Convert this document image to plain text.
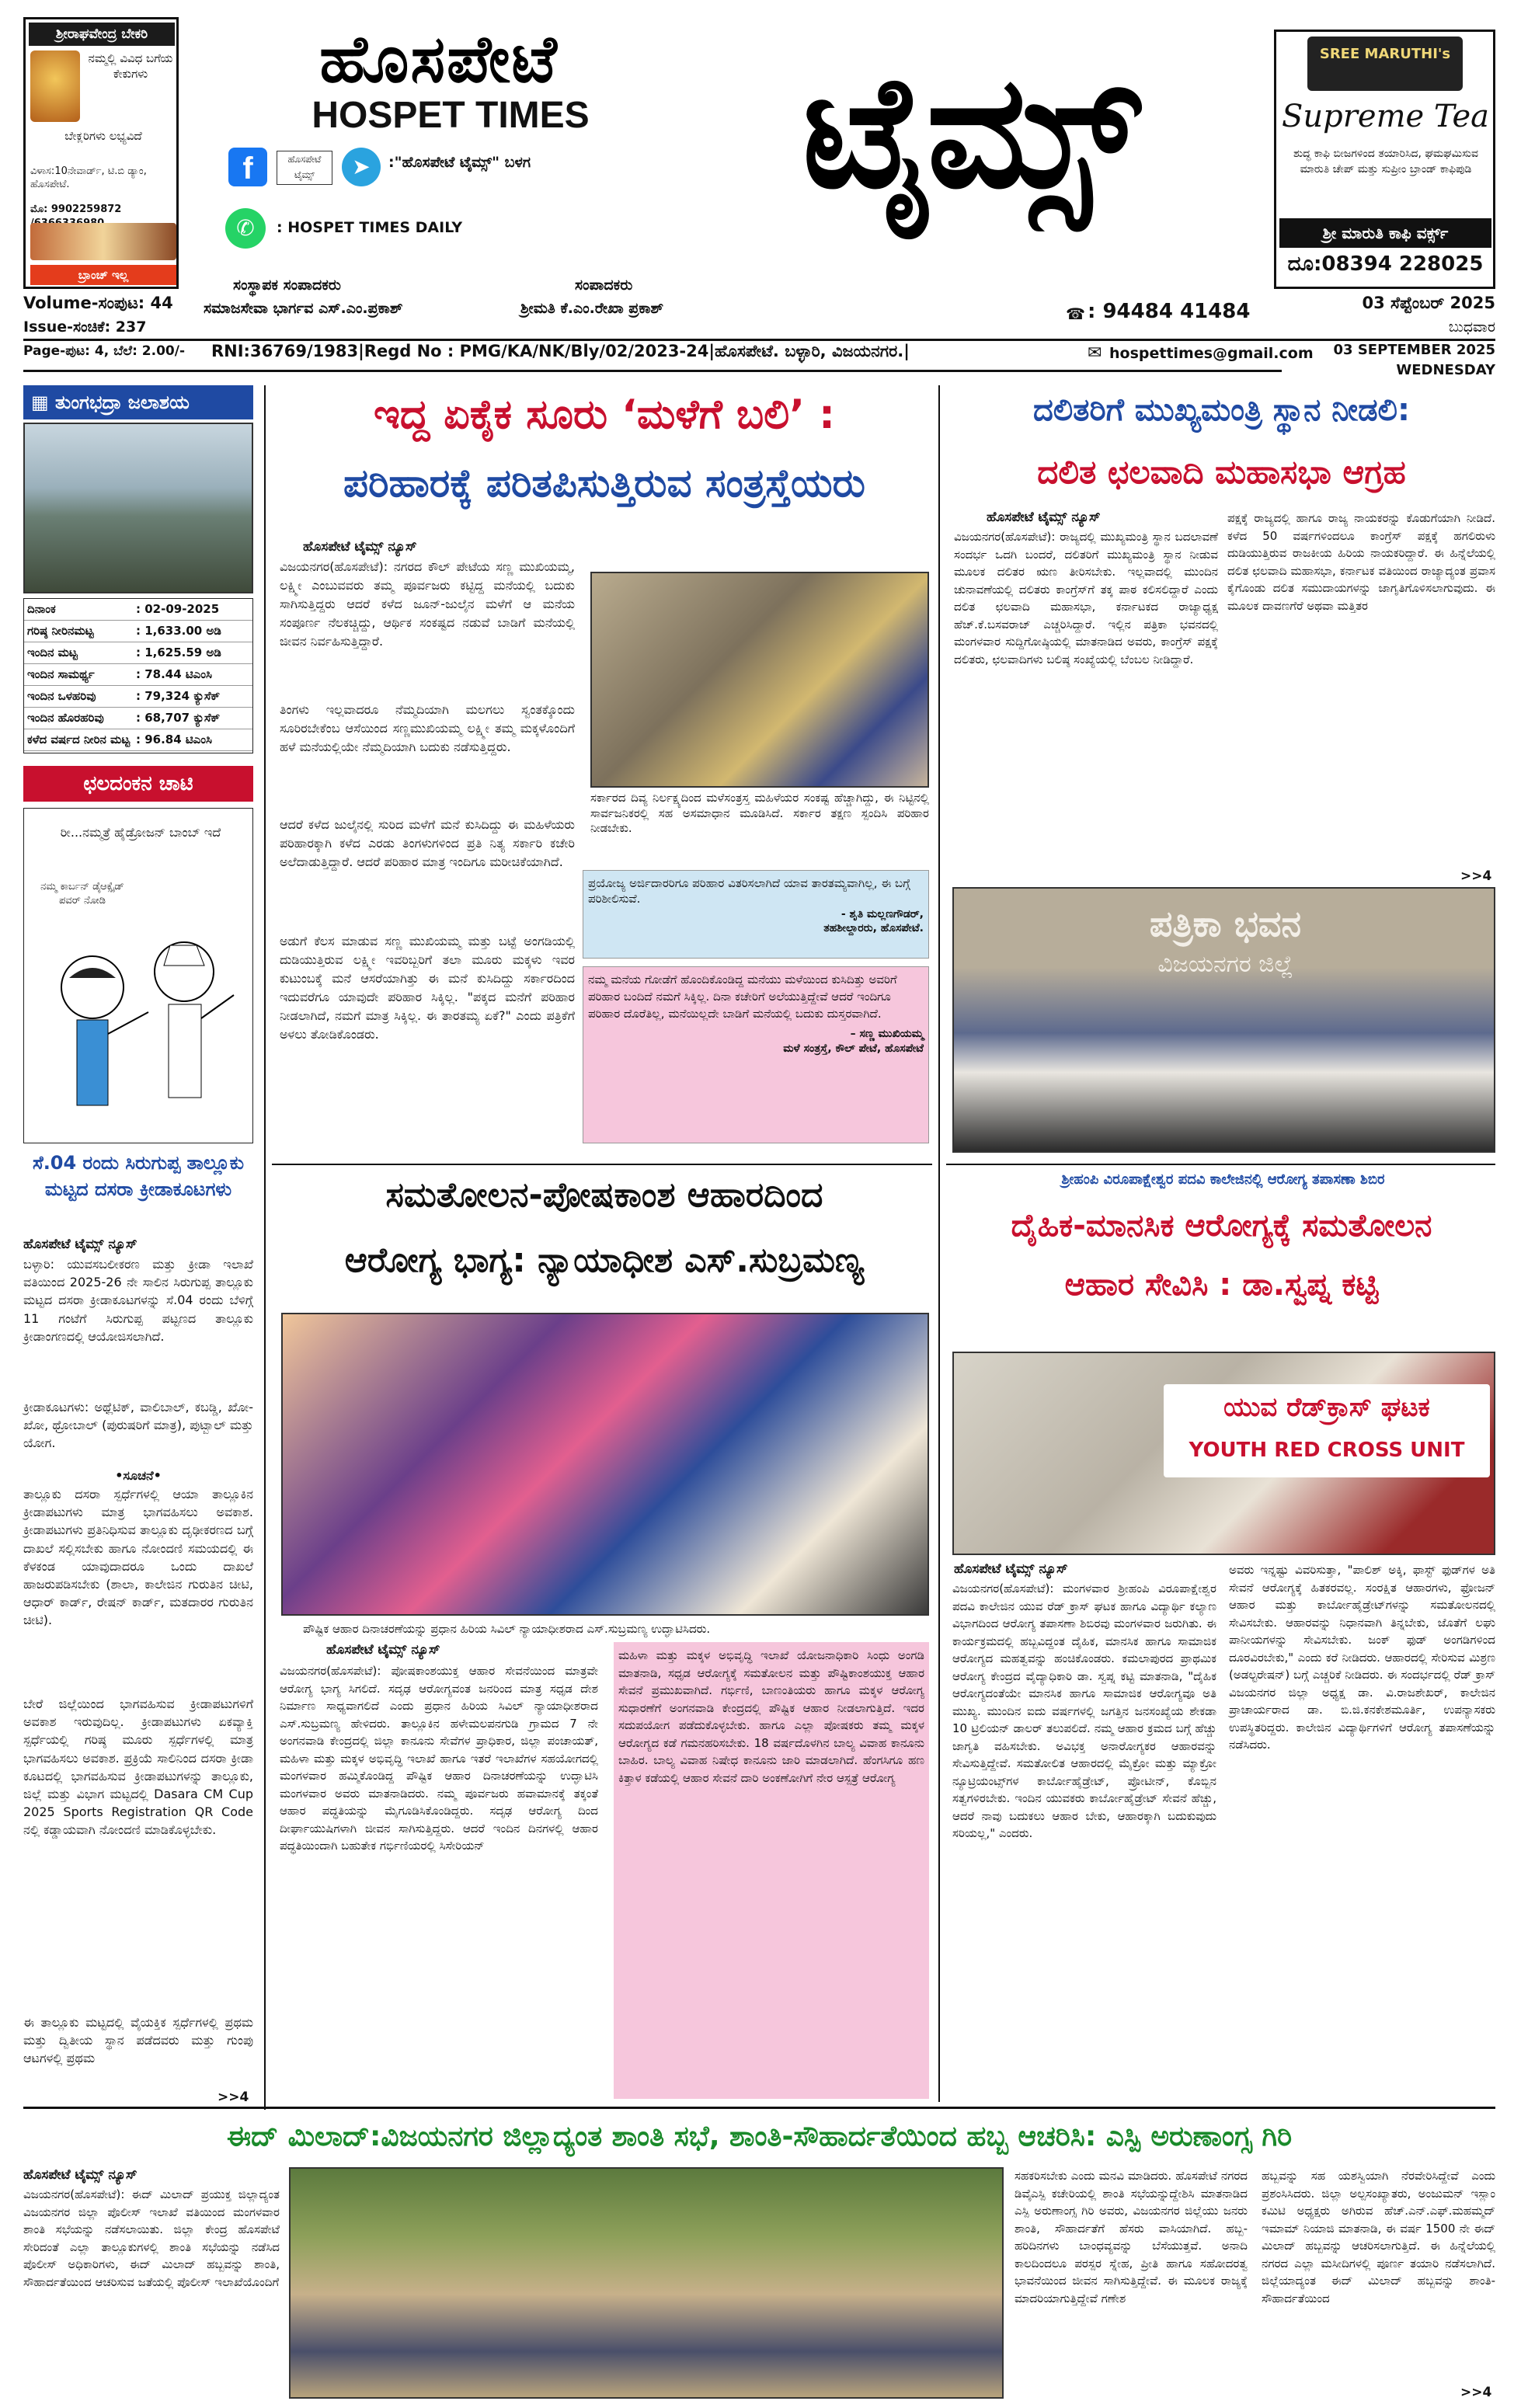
ಶ್ರೀರಾಘವೇಂದ್ರ ಬೇಕರಿ
ನಮ್ಮಲ್ಲಿ ವಿವಿಧ ಬಗೆಯ ಕೇಕುಗಳು
ಬೇಕ್ಲರಿಗಳು ಲಭ್ಯವಿದೆ
ವಿಳಾಸ:10ನೇವಾರ್ಡ್, ಟಿ.ಬಿ ಡ್ಯಾಂ, ಹೊಸಪೇಟೆ.
ಮೊ: 9902259872
ಬ್ರಾಂಚ್ ಇಲ್ಲ
ಹೊಸಪೇಟೆ
HOSPET TIMES
f	ಹೊಸಪೇಟೆ ಟೈಮ್ಸ್	➤	:"ಹೊಸಪೇಟೆ ಟೈಮ್ಸ್" ಬಳಗ
✆	: HOSPET TIMES DAILY
ಟೈಮ್ಸ್	SREE MARUTHI's
Supreme Tea
ಶುದ್ಧ ಕಾಫಿ ಬೀಜಗಳಿಂದ ತಯಾರಿಸಿದ, ಘಮಘಮಿಸುವ ಮಾರುತಿ ಚೇಪ್ ಮತ್ತು ಸುಪ್ರೀಂ ಬ್ರಾಂಡ್ ಕಾಫಿಪುಡಿ
ಶ್ರೀ ಮಾರುತಿ ಕಾಫಿ ವರ್ಕ್ಸ್
ದೂ:08394 228025
Volume-ಸಂಪುಟ: 44
Issue-ಸಂಚಿಕೆ: 237
ಸಂಸ್ಥಾಪಕ ಸಂಪಾದಕರು
ಸಮಾಜಸೇವಾ ಭಾರ್ಗವ ಎಸ್.ಎಂ.ಪ್ರಕಾಶ್
ಸಂಪಾದಕರು
ಶ್ರೀಮತಿ ಕೆ.ಎಂ.ರೇಖಾ ಪ್ರಕಾಶ್	☎ : 94484 41484	03 ಸೆಪ್ಟೆಂಬರ್ 2025
ಬುಧವಾರ
Page-ಪುಟ: 4, ಬೆಲೆ: 2.00/- RNI:36769/1983|Regd No : PMG/KA/NK/Bly/02/2023-24|ಹೊಸಪೇಟೆ. ಬಳ್ಳಾರಿ, ವಿಜಯನಗರ.|	✉ hospettimes@gmail.com	03 SEPTEMBER 2025
WEDNESDAY
▦ ತುಂಗಭದ್ರಾ ಜಲಾಶಯ
ದಿನಾಂಕ	: 02-09-2025
ಗರಿಷ್ಠ ನೀರಿನಮಟ್ಟ	: 1,633.00 ಅಡಿ
ಇಂದಿನ ಮಟ್ಟ	: 1,625.59 ಅಡಿ
ಇಂದಿನ ಸಾಮರ್ಥ್ಯ	: 78.44 ಟಿಎಂಸಿ
ಇಂದಿನ ಒಳಹರಿವು	: 79,324 ಕ್ಯುಸೆಕ್
ಇಂದಿನ ಹೊರಹರಿವು	: 68,707 ಕ್ಯುಸೆಕ್
ಕಳೆದ ವರ್ಷದ ನೀರಿನ ಮಟ್ಟ : 96.84 ಟಿಎಂಸಿ
ಛಲದಂಕನ ಚಾಟಿ
ರೀ...ನಮ್ಮತ್ರೆ ಹೈಡ್ರೋಜನ್ ಬಾಂಬ್ ಇದೆ
ನಮ್ಮ ಕಾರ್ಬನ್ ಡೈಆಕ್ಸೈಡ್ ಪವರ್ ನೋಡಿ
ಸೆ.04 ರಂದು ಸಿರುಗುಪ್ಪ ತಾಲ್ಲೂಕು ಮಟ್ಟದ ದಸರಾ ಕ್ರೀಡಾಕೂಟಗಳು
ಹೊಸಪೇಟೆ ಟೈಮ್ಸ್ ನ್ಯೂಸ್
ಬಳ್ಳಾರಿ: ಯುವಸಬಲೀಕರಣ ಮತ್ತು ಕ್ರೀಡಾ ಇಲಾಖೆ ವತಿಯಿಂದ 2025-26 ನೇ ಸಾಲಿನ ಸಿರುಗುಪ್ಪ ತಾಲ್ಲೂಕು ಮಟ್ಟದ ದಸರಾ ಕ್ರೀಡಾಕೂಟಗಳನ್ನು ಸೆ.04 ರಂದು ಬೆಳಿಗ್ಗೆ 11 ಗಂಟೆಗೆ ಸಿರುಗುಪ್ಪ ಪಟ್ಟಣದ ತಾಲ್ಲೂಕು ಕ್ರೀಡಾಂಗಣದಲ್ಲಿ ಆಯೋಜಿಸಲಾಗಿದೆ.
ಕ್ರೀಡಾಕೂಟಗಳು: ಅಥ್ಲೆಟಿಕ್, ವಾಲಿಬಾಲ್, ಕಬಡ್ಡಿ, ಖೋ-ಖೋ, ಥ್ರೋಬಾಲ್ (ಪುರುಷರಿಗೆ ಮಾತ್ರ), ಪುಟ್ಬಾಲ್ ಮತ್ತು ಯೋಗ.
•ಸೂಚನೆ•
ತಾಲ್ಲೂಕು ದಸರಾ ಸ್ಪರ್ಧೆಗಳಲ್ಲಿ ಆಯಾ ತಾಲ್ಲೂಕಿನ ಕ್ರೀಡಾಪಟುಗಳು ಮಾತ್ರ ಭಾಗವಹಿಸಲು ಅವಕಾಶ. ಕ್ರೀಡಾಪಟುಗಳು ಪ್ರತಿನಿಧಿಸುವ ತಾಲ್ಲೂಕು ದೃಢೀಕರಣದ ಬಗ್ಗೆ ದಾಖಲೆ ಸಲ್ಲಿಸಬೇಕು ಹಾಗೂ ನೋಂದಣಿ ಸಮಯದಲ್ಲಿ ಈ ಕೆಳಕಂಡ ಯಾವುದಾದರೂ ಒಂದು ದಾಖಲೆ ಹಾಜರುಪಡಿಸಬೇಕು (ಶಾಲಾ, ಕಾಲೇಜಿನ ಗುರುತಿನ ಚೀಟಿ, ಆಧಾರ್ ಕಾರ್ಡ್, ರೇಷನ್ ಕಾರ್ಡ್, ಮತದಾರರ ಗುರುತಿನ ಚೀಟಿ).
ಬೇರೆ ಜಿಲ್ಲೆಯಿಂದ ಭಾಗವಹಿಸುವ ಕ್ರೀಡಾಪಟುಗಳಿಗೆ ಅವಕಾಶ ಇರುವುದಿಲ್ಲ. ಕ್ರೀಡಾಪಟುಗಳು ಏಕವ್ಯಾಕ್ತಿ ಸ್ಪರ್ಧೆಯಲ್ಲಿ ಗರಿಷ್ಠ ಮೂರು ಸ್ಪರ್ಧೆಗಳಲ್ಲಿ ಮಾತ್ರ ಭಾಗವಹಿಸಲು ಅವಕಾಶ. ಪ್ರಕ್ರಿಯೆ ಸಾಲಿನಿಂದ ದಸರಾ ಕ್ರೀಡಾ ಕೂಟದಲ್ಲಿ ಭಾಗವಹಿಸುವ ಕ್ರೀಡಾಪಟುಗಳನ್ನು ತಾಲ್ಲೂಕು, ಜಿಲ್ಲೆ ಮತ್ತು ವಿಭಾಗ ಮಟ್ಟದಲ್ಲಿ Dasara CM Cup 2025 Sports Registration QR Code ನಲ್ಲಿ ಕಡ್ಡಾಯವಾಗಿ ನೋಂದಣಿ ಮಾಡಿಕೊಳ್ಳಬೇಕು.
ಈ ತಾಲ್ಲೂಕು ಮಟ್ಟದಲ್ಲಿ ವೈಯಕ್ತಿಕ ಸ್ಪರ್ಧೆಗಳಲ್ಲಿ ಪ್ರಥಮ ಮತ್ತು ದ್ವಿತೀಯ ಸ್ಥಾನ ಪಡೆದವರು ಮತ್ತು ಗುಂಪು ಆಟಗಳಲ್ಲಿ ಪ್ರಥಮ
>>4
ಇದ್ದ ಏಕೈಕ ಸೂರು ‘ಮಳೆಗೆ ಬಲಿ’ :
ಪರಿಹಾರಕ್ಕೆ ಪರಿತಪಿಸುತ್ತಿರುವ ಸಂತ್ರಸ್ತೆಯರು
ಹೊಸಪೇಟೆ ಟೈಮ್ಸ್ ನ್ಯೂಸ್
ವಿಜಯನಗರ(ಹೊಸಪೇಟೆ): ನಗರದ ಕೌಲ್ ಪೇಟೆಯ ಸಣ್ಣ ಮುಖಿಯಮ್ಮ, ಲಕ್ಷ್ಮೀ ಎಂಬುವವರು ತಮ್ಮ ಪೂರ್ವಜರು ಕಟ್ಟಿದ್ದ ಮನೆಯಲ್ಲಿ ಬದುಕು ಸಾಗಿಸುತ್ತಿದ್ದರು ಆದರೆ ಕಳೆದ ಜೂನ್-ಜುಲೈನ ಮಳೆಗೆ ಆ ಮನೆಯ ಸಂಪೂರ್ಣ ನೆಲಕಚ್ಚಿದ್ದು, ಆರ್ಥಿಕ ಸಂಕಷ್ಟದ ನಡುವೆ ಬಾಡಿಗೆ ಮನೆಯಲ್ಲಿ ಜೀವನ ನಿರ್ವಹಿಸುತ್ತಿದ್ದಾರೆ.
ತಿಂಗಳು ಇಲ್ಲವಾದರೂ ನೆಮ್ಮದಿಯಾಗಿ ಮಲಗಲು ಸ್ವಂತಕ್ಕೊಂದು ಸೂರಿರಬೇಕೆಂಬ ಆಸೆಯಿಂದ ಸಣ್ಣಮುಖಿಯಮ್ಮ ಲಕ್ಷ್ಮೀ ತಮ್ಮ ಮಕ್ಕಳೊಂದಿಗೆ ಹಳೆ ಮನೆಯಲ್ಲಿಯೇ ನೆಮ್ಮದಿಯಾಗಿ ಬದುಕು ನಡೆಸುತ್ತಿದ್ದರು.
ಆದರೆ ಕಳೆದ ಜುಲೈನಲ್ಲಿ ಸುರಿದ ಮಳೆಗೆ ಮನೆ ಕುಸಿದಿದ್ದು ಈ ಮಹಿಳೆಯರು ಪರಿಹಾರಕ್ಕಾಗಿ ಕಳೆದ ಎರಡು ತಿಂಗಳುಗಳಿಂದ ಪ್ರತಿ ನಿತ್ಯ ಸರ್ಕಾರಿ ಕಚೇರಿ ಅಲೆದಾಡುತ್ತಿದ್ದಾರೆ. ಆದರೆ ಪರಿಹಾರ ಮಾತ್ರ ಇಂದಿಗೂ ಮರೀಚಿಕೆಯಾಗಿದೆ.
ಅಡುಗೆ ಕೆಲಸ ಮಾಡುವ ಸಣ್ಣ ಮುಖಿಯಮ್ಮ ಮತ್ತು ಬಟ್ಟೆ ಅಂಗಡಿಯಲ್ಲಿ ದುಡಿಯುತ್ತಿರುವ ಲಕ್ಷ್ಮೀ ಇವರಿಬ್ಬರಿಗೆ ತಲಾ ಮೂರು ಮಕ್ಕಳು ಇವರ ಕುಟುಂಬಕ್ಕೆ ಮನೆ ಆಸರೆಯಾಗಿತ್ತು ಈ ಮನೆ ಕುಸಿದಿದ್ದು ಸರ್ಕಾರದಿಂದ ಇದುವರೆಗೂ ಯಾವುದೇ ಪರಿಹಾರ ಸಿಕ್ಕಿಲ್ಲ. "ಪಕ್ಕದ ಮನೆಗೆ ಪರಿಹಾರ ನೀಡಲಾಗಿದೆ, ನಮಗೆ ಮಾತ್ರ ಸಿಕ್ಕಿಲ್ಲ. ಈ ತಾರತಮ್ಯ ಏಕೆ?" ಎಂದು ಪತ್ರಿಕೆಗೆ ಅಳಲು ತೋಡಿಕೊಂಡರು.
ಸರ್ಕಾರದ ದಿವ್ಯ ನಿರ್ಲಕ್ಷ್ಯದಿಂದ ಮಳೆಸಂತ್ರಸ್ತ ಮಹಿಳೆಯರ ಸಂಕಷ್ಟ ಹೆಚ್ಚಾಗಿದ್ದು, ಈ ನಿಟ್ಟಿನಲ್ಲಿ ಸಾರ್ವಜನಿಕರಲ್ಲಿ ಸಹ ಅಸಮಾಧಾನ ಮೂಡಿಸಿದೆ. ಸರ್ಕಾರ ತಕ್ಷಣ ಸ್ಪಂದಿಸಿ ಪರಿಹಾರ ನೀಡಬೇಕು.
ಪ್ರಯೋಜ್ಯ ಅರ್ಜಿದಾರರಿಗೂ ಪರಿಹಾರ ವಿತರಿಸಲಾಗಿದೆ ಯಾವ ತಾರತಮ್ಯವಾಗಿಲ್ಲ, ಈ ಬಗ್ಗೆ ಪರಿಶೀಲಿಸುವೆ.
- ಶೃತಿ ಮಲ್ಲಣಗೌಡರ್,
ತಹಶೀಲ್ದಾರರು, ಹೊಸಪೇಟೆ.
ನಮ್ಮ ಮನೆಯ ಗೋಡೆಗೆ ಹೊಂದಿಕೊಂಡಿದ್ದ ಮನೆಯು ಮಳೆಯಿಂದ ಕುಸಿದಿತ್ತು ಅವರಿಗೆ ಪರಿಹಾರ ಬಂದಿದೆ ನಮಗೆ ಸಿಕ್ಕಿಲ್ಲ. ದಿನಾ ಕಚೇರಿಗೆ ಅಲೆಯುತ್ತಿದ್ದೇವೆ ಆದರೆ ಇಂದಿಗೂ ಪರಿಹಾರ ದೊರೆತಿಲ್ಲ, ಮನೆಯಿಲ್ಲದೇ ಬಾಡಿಗೆ ಮನೆಯಲ್ಲಿ ಬದುಕು ದುಸ್ತರವಾಗಿದೆ.
– ಸಣ್ಣ ಮುಖಿಯಮ್ಮ
ಮಳೆ ಸಂತ್ರಸ್ತೆ, ಕೌಲ್ ಪೇಟೆ, ಹೊಸಪೇಟೆ
ದಲಿತರಿಗೆ ಮುಖ್ಯಮಂತ್ರಿ ಸ್ಥಾನ ನೀಡಲಿ:
ದಲಿತ ಛಲವಾದಿ ಮಹಾಸಭಾ ಆಗ್ರಹ
ಹೊಸಪೇಟೆ ಟೈಮ್ಸ್ ನ್ಯೂಸ್
ವಿಜಯನಗರ(ಹೊಸಪೇಟೆ): ರಾಜ್ಯದಲ್ಲಿ ಮುಖ್ಯಮಂತ್ರಿ ಸ್ಥಾನ ಬದಲಾವಣೆ ಸಂದರ್ಭ ಒದಗಿ ಬಂದರೆ, ದಲಿತರಿಗೆ ಮುಖ್ಯಮಂತ್ರಿ ಸ್ಥಾನ ನೀಡುವ ಮೂಲಕ ದಲಿತರ ಋಣ ತೀರಿಸಬೇಕು. ಇಲ್ಲವಾದಲ್ಲಿ ಮುಂದಿನ ಚುನಾವಣೆಯಲ್ಲಿ ದಲಿತರು ಕಾಂಗ್ರೆಸ್‌ಗೆ ತಕ್ಕ ಪಾಠ ಕಲಿಸಲಿದ್ದಾರೆ ಎಂದು ದಲಿತ ಛಲವಾದಿ ಮಹಾಸಭಾ, ಕರ್ನಾಟಕದ ರಾಜ್ಯಾಧ್ಯಕ್ಷ ಹೆಚ್.ಕೆ.ಬಸವರಾಜ್ ಎಚ್ಚರಿಸಿದ್ದಾರೆ. ಇಲ್ಲಿನ ಪತ್ರಿಕಾ ಭವನದಲ್ಲಿ ಮಂಗಳವಾರ ಸುದ್ದಿಗೋಷ್ಠಿಯಲ್ಲಿ ಮಾತನಾಡಿದ ಅವರು, ಕಾಂಗ್ರೆಸ್ ಪಕ್ಷಕ್ಕೆ ದಲಿತರು, ಛಲವಾದಿಗಳು ಬಲಿಷ್ಠ ಸಂಖ್ಯೆಯಲ್ಲಿ ಬೆಂಬಲ ನೀಡಿದ್ದಾರೆ.
ಪಕ್ಷಕ್ಕೆ ರಾಜ್ಯದಲ್ಲಿ ಹಾಗೂ ರಾಜ್ಯ ನಾಯಕರನ್ನು ಕೊಡುಗೆಯಾಗಿ ನೀಡಿದೆ. ಕಳೆದ 50 ವರ್ಷಗಳಿಂದಲೂ ಕಾಂಗ್ರೆಸ್ ಪಕ್ಷಕ್ಕೆ ಹಗಲಿರುಳು ದುಡಿಯುತ್ತಿರುವ ರಾಜಕೀಯ ಹಿರಿಯ ನಾಯಕರಿದ್ದಾರೆ. ಈ ಹಿನ್ನೆಲೆಯಲ್ಲಿ ದಲಿತ ಛಲವಾದಿ ಮಹಾಸಭಾ, ಕರ್ನಾಟಕ ವತಿಯಿಂದ ರಾಜ್ಯಾದ್ಯಂತ ಪ್ರವಾಸ ಕೈಗೊಂಡು ದಲಿತ ಸಮುದಾಯಗಳನ್ನು ಜಾಗೃತಿಗೊಳಿಸಲಾಗುವುದು. ಈ ಮೂಲಕ ದಾವಣಗೆರೆ ಅಥವಾ ಮತ್ತಿತರ
>>4
ಪತ್ರಿಕಾ ಭವನ
ವಿಜಯನಗರ ಜಿಲ್ಲೆ
ಸಮತೋಲನ-ಪೋಷಕಾಂಶ ಆಹಾರದಿಂದ
ಆರೋಗ್ಯ ಭಾಗ್ಯ: ನ್ಯಾಯಾಧೀಶ ಎಸ್.ಸುಬ್ರಮಣ್ಯ
ಪೌಷ್ಟಿಕ ಆಹಾರ ದಿನಾಚರಣೆಯನ್ನು ಪ್ರಧಾನ ಹಿರಿಯ ಸಿವಿಲ್ ನ್ಯಾಯಾಧೀಶರಾದ ಎಸ್.ಸುಬ್ರಮಣ್ಯ ಉದ್ಘಾಟಿಸಿದರು.
ಹೊಸಪೇಟೆ ಟೈಮ್ಸ್ ನ್ಯೂಸ್
ವಿಜಯನಗರ(ಹೊಸಪೇಟೆ): ಪೋಷಕಾಂಶಯುಕ್ತ ಆಹಾರ ಸೇವನೆಯಿಂದ ಮಾತ್ರವೇ ಆರೋಗ್ಯ ಭಾಗ್ಯ ಸಿಗಲಿದೆ. ಸದೃಢ ಆರೋಗ್ಯವಂತ ಜನರಿಂದ ಮಾತ್ರ ಸಧೃಡ ದೇಶ ನಿರ್ಮಾಣ ಸಾಧ್ಯವಾಗಲಿದೆ ಎಂದು ಪ್ರಧಾನ ಹಿರಿಯ ಸಿವಿಲ್ ನ್ಯಾಯಾಧೀಶರಾದ ಎಸ್.ಸುಬ್ರಮಣ್ಯ ಹೇಳಿದರು. ತಾಲ್ಲೂಕಿನ ಹಳೇಮಲಪನಗುಡಿ ಗ್ರಾಮದ 7 ನೇ ಅಂಗನವಾಡಿ ಕೇಂದ್ರದಲ್ಲಿ ಜಿಲ್ಲಾ ಕಾನೂನು ಸೇವೆಗಳ ಪ್ರಾಧಿಕಾರ, ಜಿಲ್ಲಾ ಪಂಚಾಯತ್, ಮಹಿಳಾ ಮತ್ತು ಮಕ್ಕಳ ಅಭಿವೃದ್ಧಿ ಇಲಾಖೆ ಹಾಗೂ ಇತರೆ ಇಲಾಖೆಗಳ ಸಹಯೋಗದಲ್ಲಿ ಮಂಗಳವಾರ ಹಮ್ಮಿಕೊಂಡಿದ್ದ ಪೌಷ್ಟಿಕ ಆಹಾರ ದಿನಾಚರಣೆಯನ್ನು ಉದ್ಘಾಟಿಸಿ ಮಂಗಳವಾರ ಅವರು ಮಾತನಾಡಿದರು. ನಮ್ಮ ಪೂರ್ವಜರು ಹವಾಮಾನಕ್ಕೆ ತಕ್ಕಂತೆ ಆಹಾರ ಪದ್ಧತಿಯನ್ನು ಮೈಗೂಡಿಸಿಕೊಂಡಿದ್ದರು. ಸದೃಢ ಆರೋಗ್ಯ ದಿಂದ ದೀರ್ಘಾಯುಷಿಗಳಾಗಿ ಜೀವನ ಸಾಗಿಸುತ್ತಿದ್ದರು. ಆದರೆ ಇಂದಿನ ದಿನಗಳಲ್ಲಿ ಆಹಾರ ಪದ್ಧತಿಯಿಂದಾಗಿ ಬಹುತೇಕ ಗರ್ಭಿಣಿಯರಲ್ಲಿ ಸಿಸೇರಿಯನ್
ಮಹಿಳಾ ಮತ್ತು ಮಕ್ಕಳ ಅಭಿವೃದ್ಧಿ ಇಲಾಖೆ ಯೋಜನಾಧಿಕಾರಿ ಸಿಂಧು ಅಂಗಡಿ ಮಾತನಾಡಿ, ಸಧೃಡ ಆರೋಗ್ಯಕ್ಕೆ ಸಮತೋಲನ ಮತ್ತು ಪೌಷ್ಟಿಕಾಂಶಯುಕ್ತ ಆಹಾರ ಸೇವನೆ ಪ್ರಮುಖವಾಗಿದೆ. ಗರ್ಭಿಣಿ, ಬಾಣಂತಿಯರು ಹಾಗೂ ಮಕ್ಕಳ ಆರೋಗ್ಯ ಸುಧಾರಣೆಗೆ ಅಂಗನವಾಡಿ ಕೇಂದ್ರದಲ್ಲಿ ಪೌಷ್ಟಿಕ ಆಹಾರ ನೀಡಲಾಗುತ್ತಿದೆ. ಇದರ ಸದುಪಯೋಗ ಪಡೆದುಕೊಳ್ಳಬೇಕು. ಹಾಗೂ ಎಲ್ಲಾ ಪೋಷಕರು ತಮ್ಮ ಮಕ್ಕಳ ಆರೋಗ್ಯದ ಕಡೆ ಗಮನಹರಿಸಬೇಕು. 18 ವರ್ಷದೊಳಗಿನ ಬಾಲ್ಯ ವಿವಾಹ ಕಾನೂನು ಬಾಹಿರ. ಬಾಲ್ಯ ವಿವಾಹ ನಿಷೇಧ ಕಾನೂನು ಜಾರಿ ಮಾಡಲಾಗಿದೆ. ಹೆಂಗಸಿಗೂ ಹಣ ಕಿತ್ತಾಳ ಕಡೆಯಲ್ಲಿ ಆಹಾರ ಸೇವನೆ ದಾರಿ ಅಂಕಣೋಗಿಗೆ ನೇರ ಆಸ್ಪತ್ರೆ ಆರೋಗ್ಯ
ಶ್ರೀಹಂಪಿ ವಿರೂಪಾಕ್ಷೇಶ್ವರ ಪದವಿ ಕಾಲೇಜಿನಲ್ಲಿ ಆರೋಗ್ಯ ತಪಾಸಣಾ ಶಿಬಿರ
ದೈಹಿಕ-ಮಾನಸಿಕ ಆರೋಗ್ಯಕ್ಕೆ ಸಮತೋಲನ
ಆಹಾರ ಸೇವಿಸಿ : ಡಾ.ಸ್ವಪ್ನ ಕಟ್ಟಿ
ಯುವ ರೆಡ್‌ಕ್ರಾಸ್ ಘಟಕ
YOUTH RED CROSS UNIT
ಹೊಸಪೇಟೆ ಟೈಮ್ಸ್ ನ್ಯೂಸ್
ವಿಜಯನಗರ(ಹೊಸಪೇಟೆ): ಮಂಗಳವಾರ ಶ್ರೀಹಂಪಿ ವಿರೂಪಾಕ್ಷೇಶ್ವರ ಪದವಿ ಕಾಲೇಜಿನ ಯುವ ರೆಡ್ ಕ್ರಾಸ್ ಘಟಕ ಹಾಗೂ ವಿದ್ಯಾರ್ಥಿ ಕಲ್ಯಾಣ ವಿಭಾಗದಿಂದ ಆರೋಗ್ಯ ತಪಾಸಣಾ ಶಿಬಿರವು ಮಂಗಳವಾರ ಜರುಗಿತು. ಈ ಕಾರ್ಯಕ್ರಮದಲ್ಲಿ ಹಬ್ಬವಿದ್ದಂತ ದೈಹಿಕ, ಮಾನಸಿಕ ಹಾಗೂ ಸಾಮಾಜಿಕ ಆರೋಗ್ಯದ ಮಹತ್ವವನ್ನು ಹಂಚಿಕೊಂಡರು. ಕಮಲಾಪುರದ ಪ್ರಾಥಮಿಕ ಆರೋಗ್ಯ ಕೇಂದ್ರದ ವೈದ್ಯಾಧಿಕಾರಿ ಡಾ. ಸ್ವಪ್ನ ಕಟ್ಟಿ ಮಾತನಾಡಿ, "ದೈಹಿಕ ಆರೋಗ್ಯದಂತೆಯೇ ಮಾನಸಿಕ ಹಾಗೂ ಸಾಮಾಜಿಕ ಆರೋಗ್ಯವೂ ಅತಿ ಮುಖ್ಯ. ಮುಂದಿನ ಐದು ವರ್ಷಗಳಲ್ಲಿ ಜಗತ್ತಿನ ಜನಸಂಖ್ಯೆಯ ಶೇಕಡಾ 10 ಟ್ರಿಲಿಯನ್ ಡಾಲರ್ ತಲುಪಲಿದೆ. ನಮ್ಮ ಆಹಾರ ಕ್ರಮದ ಬಗ್ಗೆ ಹೆಚ್ಚು ಜಾಗೃತಿ ವಹಿಸಬೇಕು. ಅವಿಭಕ್ತ ಅನಾರೋಗ್ಯಕರ ಆಹಾರವನ್ನು ಸೇವಿಸುತ್ತಿದ್ದೇವೆ. ಸಮತೋಲಿತ ಆಹಾರದಲ್ಲಿ ಮೈಕ್ರೋ ಮತ್ತು ಮ್ಯಾಕ್ರೋ ನ್ಯೂಟ್ರಿಯಂಟ್ಸ್‌ಗಳ ಕಾರ್ಬೋಹೈಡ್ರೇಟ್, ಪ್ರೋಟೀನ್, ಕೊಬ್ಬಿನ ಸತ್ವಗಳಿರಬೇಕು. ಇಂದಿನ ಯುವಕರು ಕಾರ್ಬೋಹೈಡ್ರೇಟ್ ಸೇವನೆ ಹೆಚ್ಚು, ಆದರೆ ನಾವು ಬದುಕಲು ಆಹಾರ ಬೇಕು, ಆಹಾರಕ್ಕಾಗಿ ಬದುಕುವುದು ಸರಿಯಲ್ಲ," ಎಂದರು.
ಅವರು ಇನ್ನಷ್ಟು ವಿವರಿಸುತ್ತಾ, "ಪಾಲಿಶ್ ಅಕ್ಕಿ, ಫಾಸ್ಟ್ ಫುಡ್‌ಗಳ ಅತಿ ಸೇವನೆ ಆರೋಗ್ಯಕ್ಕೆ ಹಿತಕರವಲ್ಲ. ಸಂರಕ್ಷಿತ ಆಹಾರಗಳು, ಫ್ರೋಜನ್ ಆಹಾರ ಮತ್ತು ಕಾರ್ಬೋಹೈಡ್ರೇಟ್‌ಗಳನ್ನು ಸಮತೋಲನದಲ್ಲಿ ಸೇವಿಸಬೇಕು. ಆಹಾರವನ್ನು ನಿಧಾನವಾಗಿ ತಿನ್ನಬೇಕು, ಜೊತೆಗೆ ಲಘು ಪಾನೀಯಗಳನ್ನು ಸೇವಿಸಬೇಕು. ಜಂಕ್ ಫುಡ್ ಅಂಗಡಿಗಳಿಂದ ದೂರವಿರಬೇಕು," ಎಂದು ಕರೆ ನೀಡಿದರು. ಆಹಾರದಲ್ಲಿ ಸೇರಿಸುವ ಮಿಶ್ರಣ (ಅಡಲ್ಟರೇಷನ್) ಬಗ್ಗೆ ಎಚ್ಚರಿಕೆ ನೀಡಿದರು. ಈ ಸಂದರ್ಭದಲ್ಲಿ ರೆಡ್ ಕ್ರಾಸ್ ವಿಜಯನಗರ ಜಿಲ್ಲಾ ಅಧ್ಯಕ್ಷ ಡಾ. ವಿ.ರಾಜಶೇಖರ್, ಕಾಲೇಜಿನ ಪ್ರಾಚಾರ್ಯರಾದ ಡಾ. ಬಿ.ಜಿ.ಕನಕೇಶಮೂರ್ತಿ, ಉಪನ್ಯಾಸಕರು ಉಪಸ್ಥಿತರಿದ್ದರು. ಕಾಲೇಜಿನ ವಿದ್ಯಾರ್ಥಿಗಳಿಗೆ ಆರೋಗ್ಯ ತಪಾಸಣೆಯನ್ನು ನಡೆಸಿದರು.
ಈದ್ ಮಿಲಾದ್:ವಿಜಯನಗರ ಜಿಲ್ಲಾದ್ಯಂತ ಶಾಂತಿ ಸಭೆ, ಶಾಂತಿ-ಸೌಹಾರ್ದತೆಯಿಂದ ಹಬ್ಬ ಆಚರಿಸಿ: ಎಸ್ಪಿ ಅರುಣಾಂಗ್ಸ ಗಿರಿ
ಹೊಸಪೇಟೆ ಟೈಮ್ಸ್ ನ್ಯೂಸ್
ವಿಜಯನಗರ(ಹೊಸಪೇಟೆ): ಈದ್ ಮಿಲಾದ್ ಪ್ರಯುಕ್ತ ಜಿಲ್ಲಾದ್ಯಂತ ವಿಜಯನಗರ ಜಿಲ್ಲಾ ಪೊಲೀಸ್ ಇಲಾಖೆ ವತಿಯಿಂದ ಮಂಗಳವಾರ ಶಾಂತಿ ಸಭೆಯನ್ನು ನಡೆಸಲಾಯಿತು. ಜಿಲ್ಲಾ ಕೇಂದ್ರ ಹೊಸಪೇಟೆ ಸೇರಿದಂತೆ ಎಲ್ಲಾ ತಾಲ್ಲೂಕುಗಳಲ್ಲಿ ಶಾಂತಿ ಸಭೆಯನ್ನು ನಡೆಸಿದ ಪೊಲೀಸ್ ಅಧಿಕಾರಿಗಳು, ಈದ್ ಮಿಲಾದ್ ಹಬ್ಬವನ್ನು ಶಾಂತಿ, ಸೌಹಾರ್ದತೆಯಿಂದ ಆಚರಿಸುವ ಜತೆಯಲ್ಲಿ ಪೊಲೀಸ್ ಇಲಾಖೆಯೊಂದಿಗೆ
ಸಹಕರಿಸಬೇಕು ಎಂದು ಮನವಿ ಮಾಡಿದರು. ಹೊಸಪೇಟೆ ನಗರದ ಡಿವೈಎಸ್ಪಿ ಕಚೇರಿಯಲ್ಲಿ ಶಾಂತಿ ಸಭೆಯನ್ನುದ್ದೇಶಿಸಿ ಮಾತನಾಡಿದ ಎಸ್ಪಿ ಅರುಣಾಂಗ್ಸ ಗಿರಿ ಅವರು, ವಿಜಯನಗರ ಜಿಲ್ಲೆಯು ಜನರು ಶಾಂತಿ, ಸೌಹಾರ್ದತೆಗೆ ಹೆಸರು ವಾಸಿಯಾಗಿದೆ. ಹಬ್ಬ-ಹರಿದಿನಗಳು ಬಾಂಧವ್ಯವನ್ನು ಬೆಸೆಯುತ್ತವೆ. ಅನಾದಿ ಕಾಲದಿಂದಲೂ ಪರಸ್ಪರ ಸ್ನೇಹ, ಪ್ರೀತಿ ಹಾಗೂ ಸಹೋದರತ್ವ ಭಾವನೆಯಿಂದ ಜೀವನ ಸಾಗಿಸುತ್ತಿದ್ದೇವೆ. ಈ ಮೂಲಕ ರಾಜ್ಯಕ್ಕೆ ಮಾದರಿಯಾಗುತ್ತಿದ್ದೇವೆ ಗಣೇಶ
ಹಬ್ಬವನ್ನು ಸಹ ಯಶಸ್ವಿಯಾಗಿ ನೆರವೇರಿಸಿದ್ದೇವೆ ಎಂದು ಪ್ರಶಂಸಿಸಿದರು. ಜಿಲ್ಲಾ ಅಲ್ಪಸಂಖ್ಯಾತರು, ಅಂಜುಮನ್ ಇಸ್ಲಾಂ ಕಮಿಟಿ ಅಧ್ಯಕ್ಷರು ಅಗಿರುವ ಹೆಚ್.ಎನ್.ಎಫ್.ಮಹಮ್ಮದ್ ಇಮಾಮ್ ನಿಯಾಜಿ ಮಾತನಾಡಿ, ಈ ವರ್ಷ 1500 ನೇ ಈದ್ ಮಿಲಾದ್ ಹಬ್ಬವನ್ನು ಆಚರಿಸಲಾಗುತ್ತಿದೆ. ಈ ಹಿನ್ನೆಲೆಯಲ್ಲಿ ನಗರದ ಎಲ್ಲಾ ಮಸೀದಿಗಳಲ್ಲಿ ಪೂರ್ಣ ತಯಾರಿ ನಡೆಸಲಾಗಿದೆ. ಜಿಲ್ಲೆಯಾದ್ಯಂತ ಈದ್ ಮಿಲಾದ್ ಹಬ್ಬವನ್ನು ಶಾಂತಿ-ಸೌಹಾರ್ದತೆಯಿಂದ
>>4
